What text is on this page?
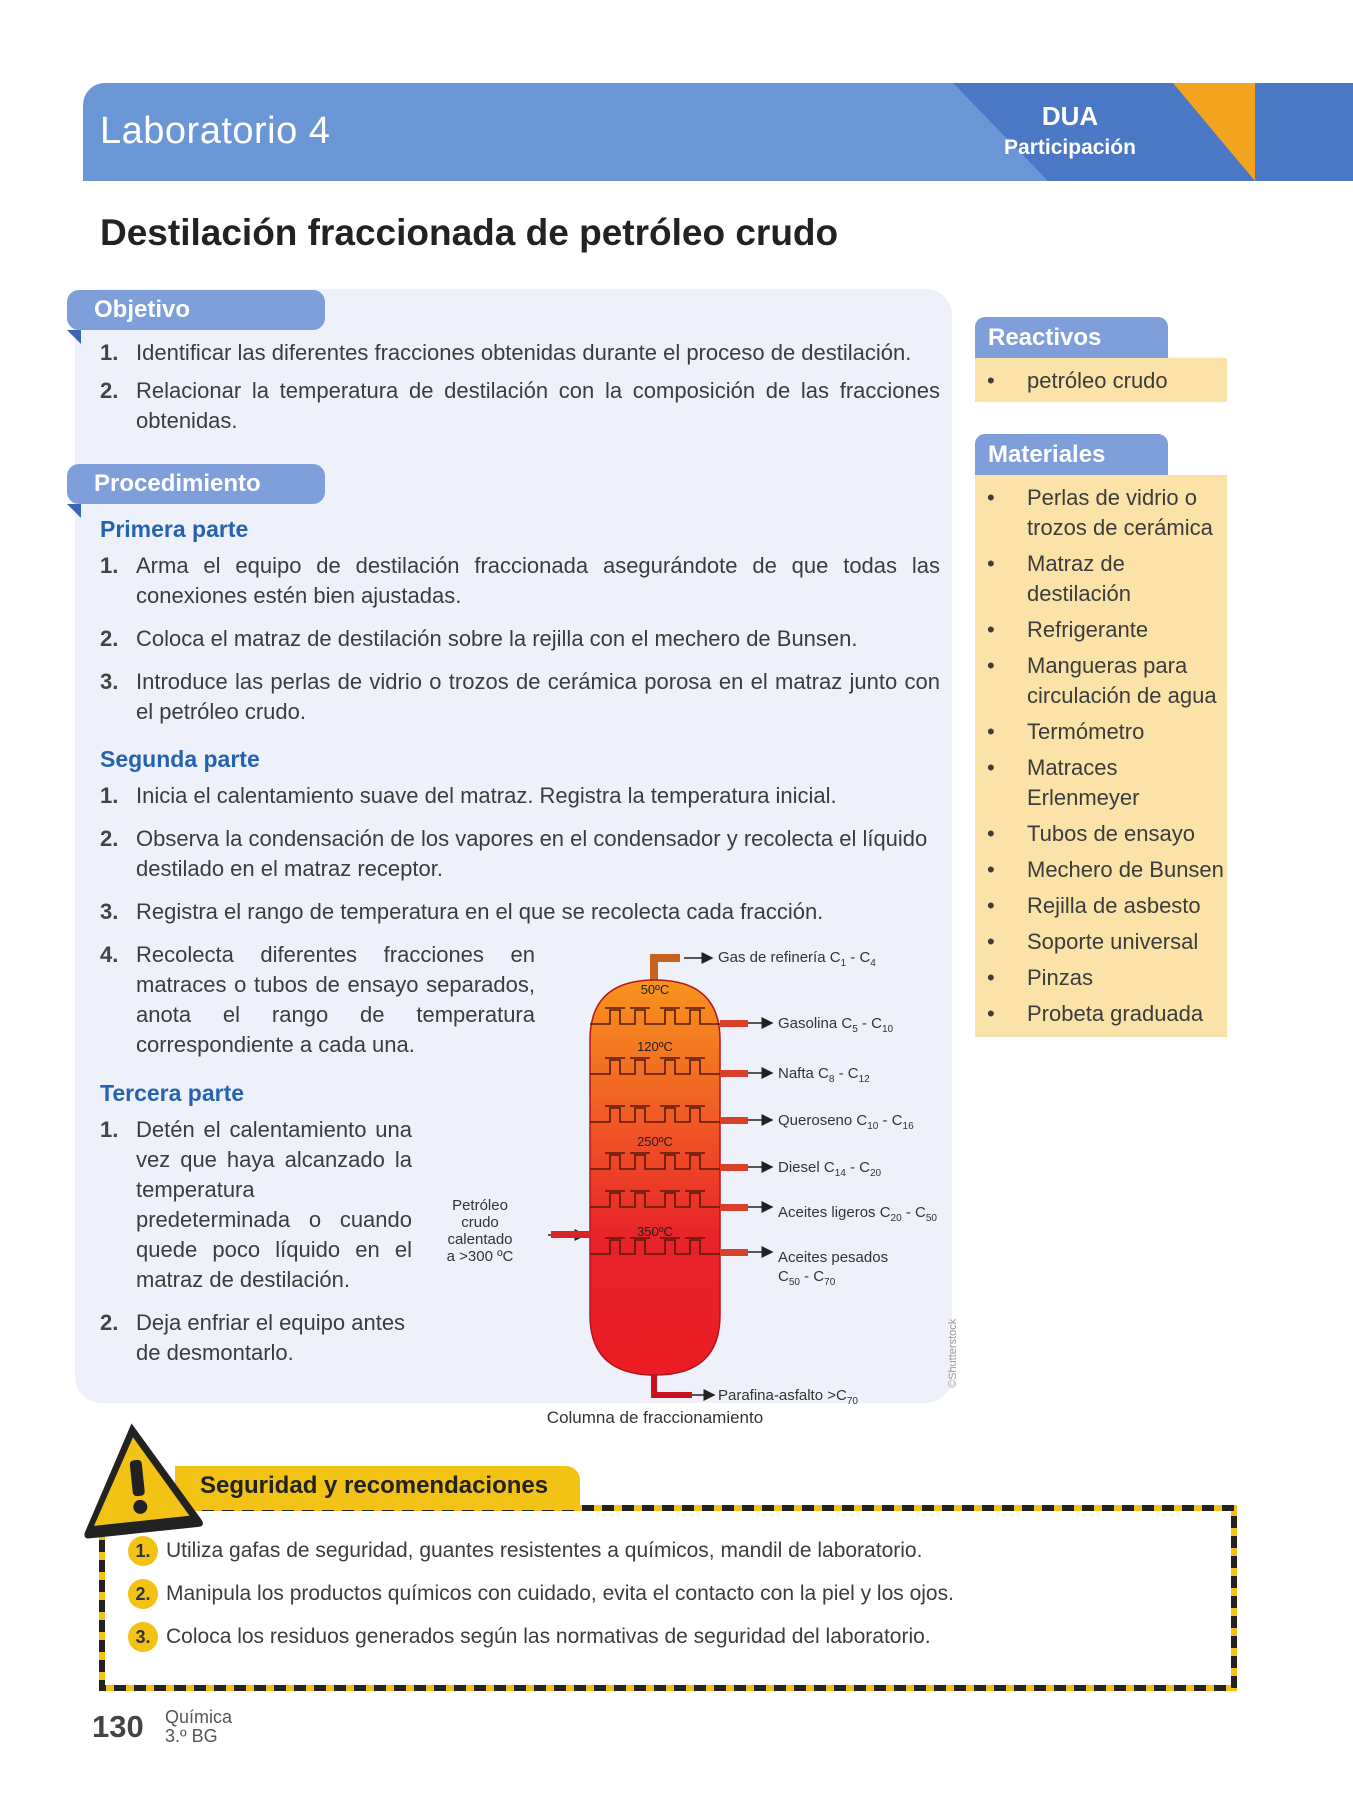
Laboratorio 4	DUA
Participación
Destilación fraccionada de petróleo crudo
Objetivo
1. Identificar las diferentes fracciones obtenidas durante el proceso de destilación.
2. Relacionar la temperatura de destilación con la composición de las fracciones obtenidas.
Procedimiento
Primera parte
1. Arma el equipo de destilación fraccionada asegurándote de que todas las conexiones estén bien ajustadas.
2. Coloca el matraz de destilación sobre la rejilla con el mechero de Bunsen.
3. Introduce las perlas de vidrio o trozos de cerámica porosa en el matraz junto con el petróleo crudo.
Segunda parte
1. Inicia el calentamiento suave del matraz. Registra la temperatura inicial.
2. Observa la condensación de los vapores en el condensador y recolecta el líquido destilado en el matraz receptor.
3. Registra el rango de temperatura en el que se recolecta cada fracción.
4. Recolecta diferentes fracciones en matraces o tubos de ensayo separados, anota el rango de temperatura correspondiente a cada una.
Tercera parte
1. Detén el calentamiento una vez que haya alcanzado la temperatura predeterminada o cuando quede poco líquido en el matraz de destilación.
2. Deja enfriar el equipo antes de desmontarlo.
50ºC
120ºC
250ºC
350ºC
Petróleo
crudo
calentado
a >300 ºC
Gas de refinería $C_1 - C_4$
Gasolina $C_5 - C_{10}$
Nafta $C_8 - C_{12}$
Queroseno $C_{10} - C_{16}$
Diesel $C_{14} - C_{20}$
Aceites ligeros $C_{20} - C_{50}$
$C_{50} - C_{70}$
Aceites pesados
Parafina-asfalto $>C_{70}$
Columna de fraccionamiento
©Shutterstock
Reactivos
• petróleo crudo
Materiales
• Perlas de vidrio o trozos de cerámica
• Matraz de destilación
• Refrigerante
• Mangueras para circulación de agua
• Termómetro
• Matraces Erlenmeyer
• Tubos de ensayo
• Mechero de Bunsen
• Rejilla de asbesto
• Soporte universal
• Pinzas
• Probeta graduada
Seguridad y recomendaciones
1. Utiliza gafas de seguridad, guantes resistentes a químicos, mandil de laboratorio.
2. Manipula los productos químicos con cuidado, evita el contacto con la piel y los ojos.
3. Coloca los residuos generados según las normativas de seguridad del laboratorio.
130 Química
3.º BG
